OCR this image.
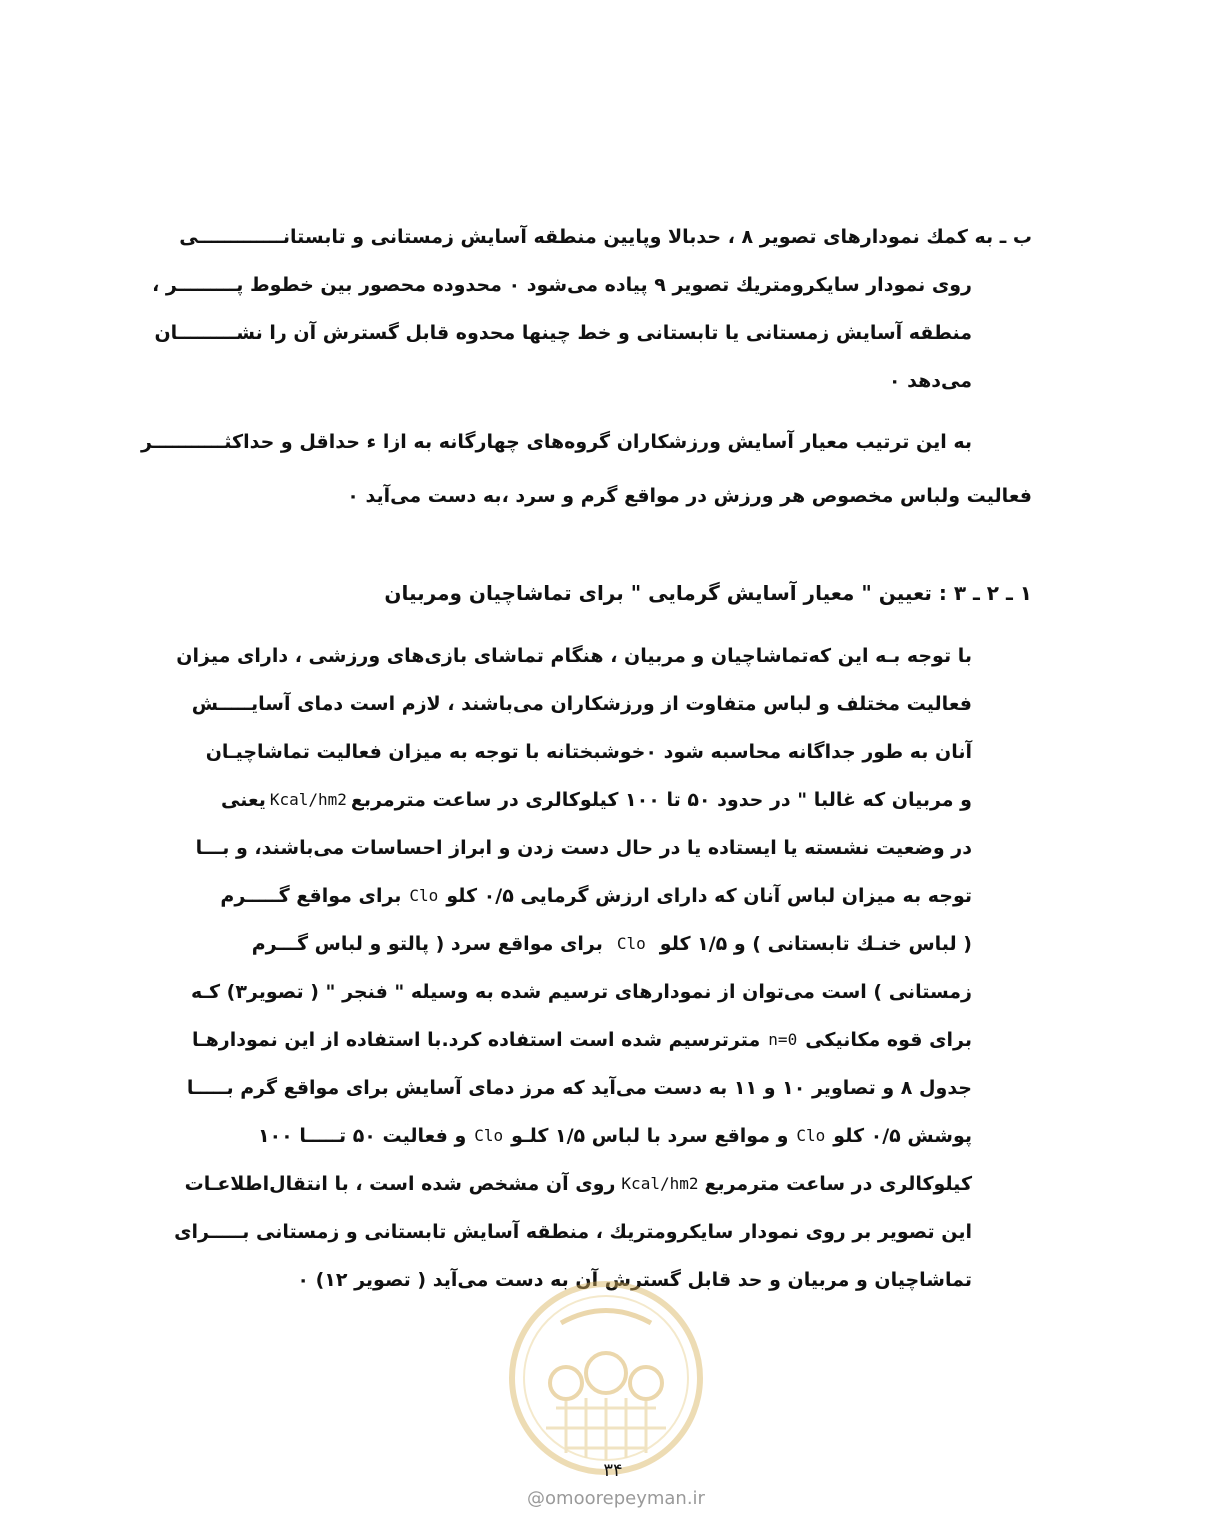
ب ـ به کمك نمودارهای تصویر ۸ ، حدبالا وپایین منطقه آسایش زمستانی و تابستانـــــــــــــی
روی نمودار سایکرومتریك تصویر ۹ پیاده می‌شود ۰ محدوده محصور بین خطوط پـــــــــر ،
منطقه آسایش زمستانی یا تابستانی و خط چینها محدوه قابل گسترش آن را نشـــــــــان
می‌دهد ۰
به این ترتیب معیار آسایش ورزشکاران گروه‌های چهارگانه به ازا ء حداقل و حداکثـــــــــــر
فعالیت ولباس مخصوص هر ورزش در مواقع گرم و سرد ،به دست می‌آید ۰
۱ ـ ۲ ـ ۳ : تعیین " معیار آسایش گرمایی " برای تماشاچیان ومربیان
با توجه بـه این که‌تماشاچیان و مربیان ، هنگام تماشای بازی‌های ورزشی ، دارای میزان
فعالیت مختلف و لباس متفاوت از ورزشکاران می‌باشند ، لازم است دمای آسایـــــش
آنان به طور جداگانه محاسبه شود ۰خوشبختانه با توجه به میزان فعالیت تماشاچیـان
و مربیان که غالبا " در حدود ۵۰ تا ۱۰۰ کیلوکالری در ساعت مترمربع
Kcal/hm2
یعنی
در وضعیت نشسته یا ایستاده یا در حال دست زدن و ابراز احساسات می‌باشند، و بـــا
توجه به میزان لباس آنان که دارای ارزش گرمایی ۰/۵ کلو
Clo
برای مواقع گـــــرم
( لباس خنـك تابستانی ) و ۱/۵ کلو
Clo
برای مواقع سرد ( پالتو و لباس گـــرم
زمستانی ) است می‌توان از نمودارهای ترسیم شده به وسیله " فنجر " ( تصویر۳) کـه
برای قوه مکانیکی
n=0
مترترسیم شده است استفاده کرد.با استفاده از این نمودارهـا
جدول ۸ و تصاویر ۱۰ و ۱۱ به دست می‌آید که مرز دمای آسایش برای مواقع گرم بـــــا
پوشش ۰/۵ کلو
Clo
و مواقع سرد با لباس ۱/۵ کلـو
Clo
و فعالیت ۵۰ تـــــا ۱۰۰
کیلوکالری در ساعت مترمربع
Kcal/hm2
روی آن مشخص شده است ، با انتقال‌اطلاعـات
این تصویر بر روی نمودار سایکرومتریك ، منطقه آسایش تابستانی و زمستانی بـــــرای
تماشاچیان و مربیان و حد قابل گسترش آن به دست می‌آید ( تصویر ۱۲) ۰
۳۴
@omoorepeyman.ir
